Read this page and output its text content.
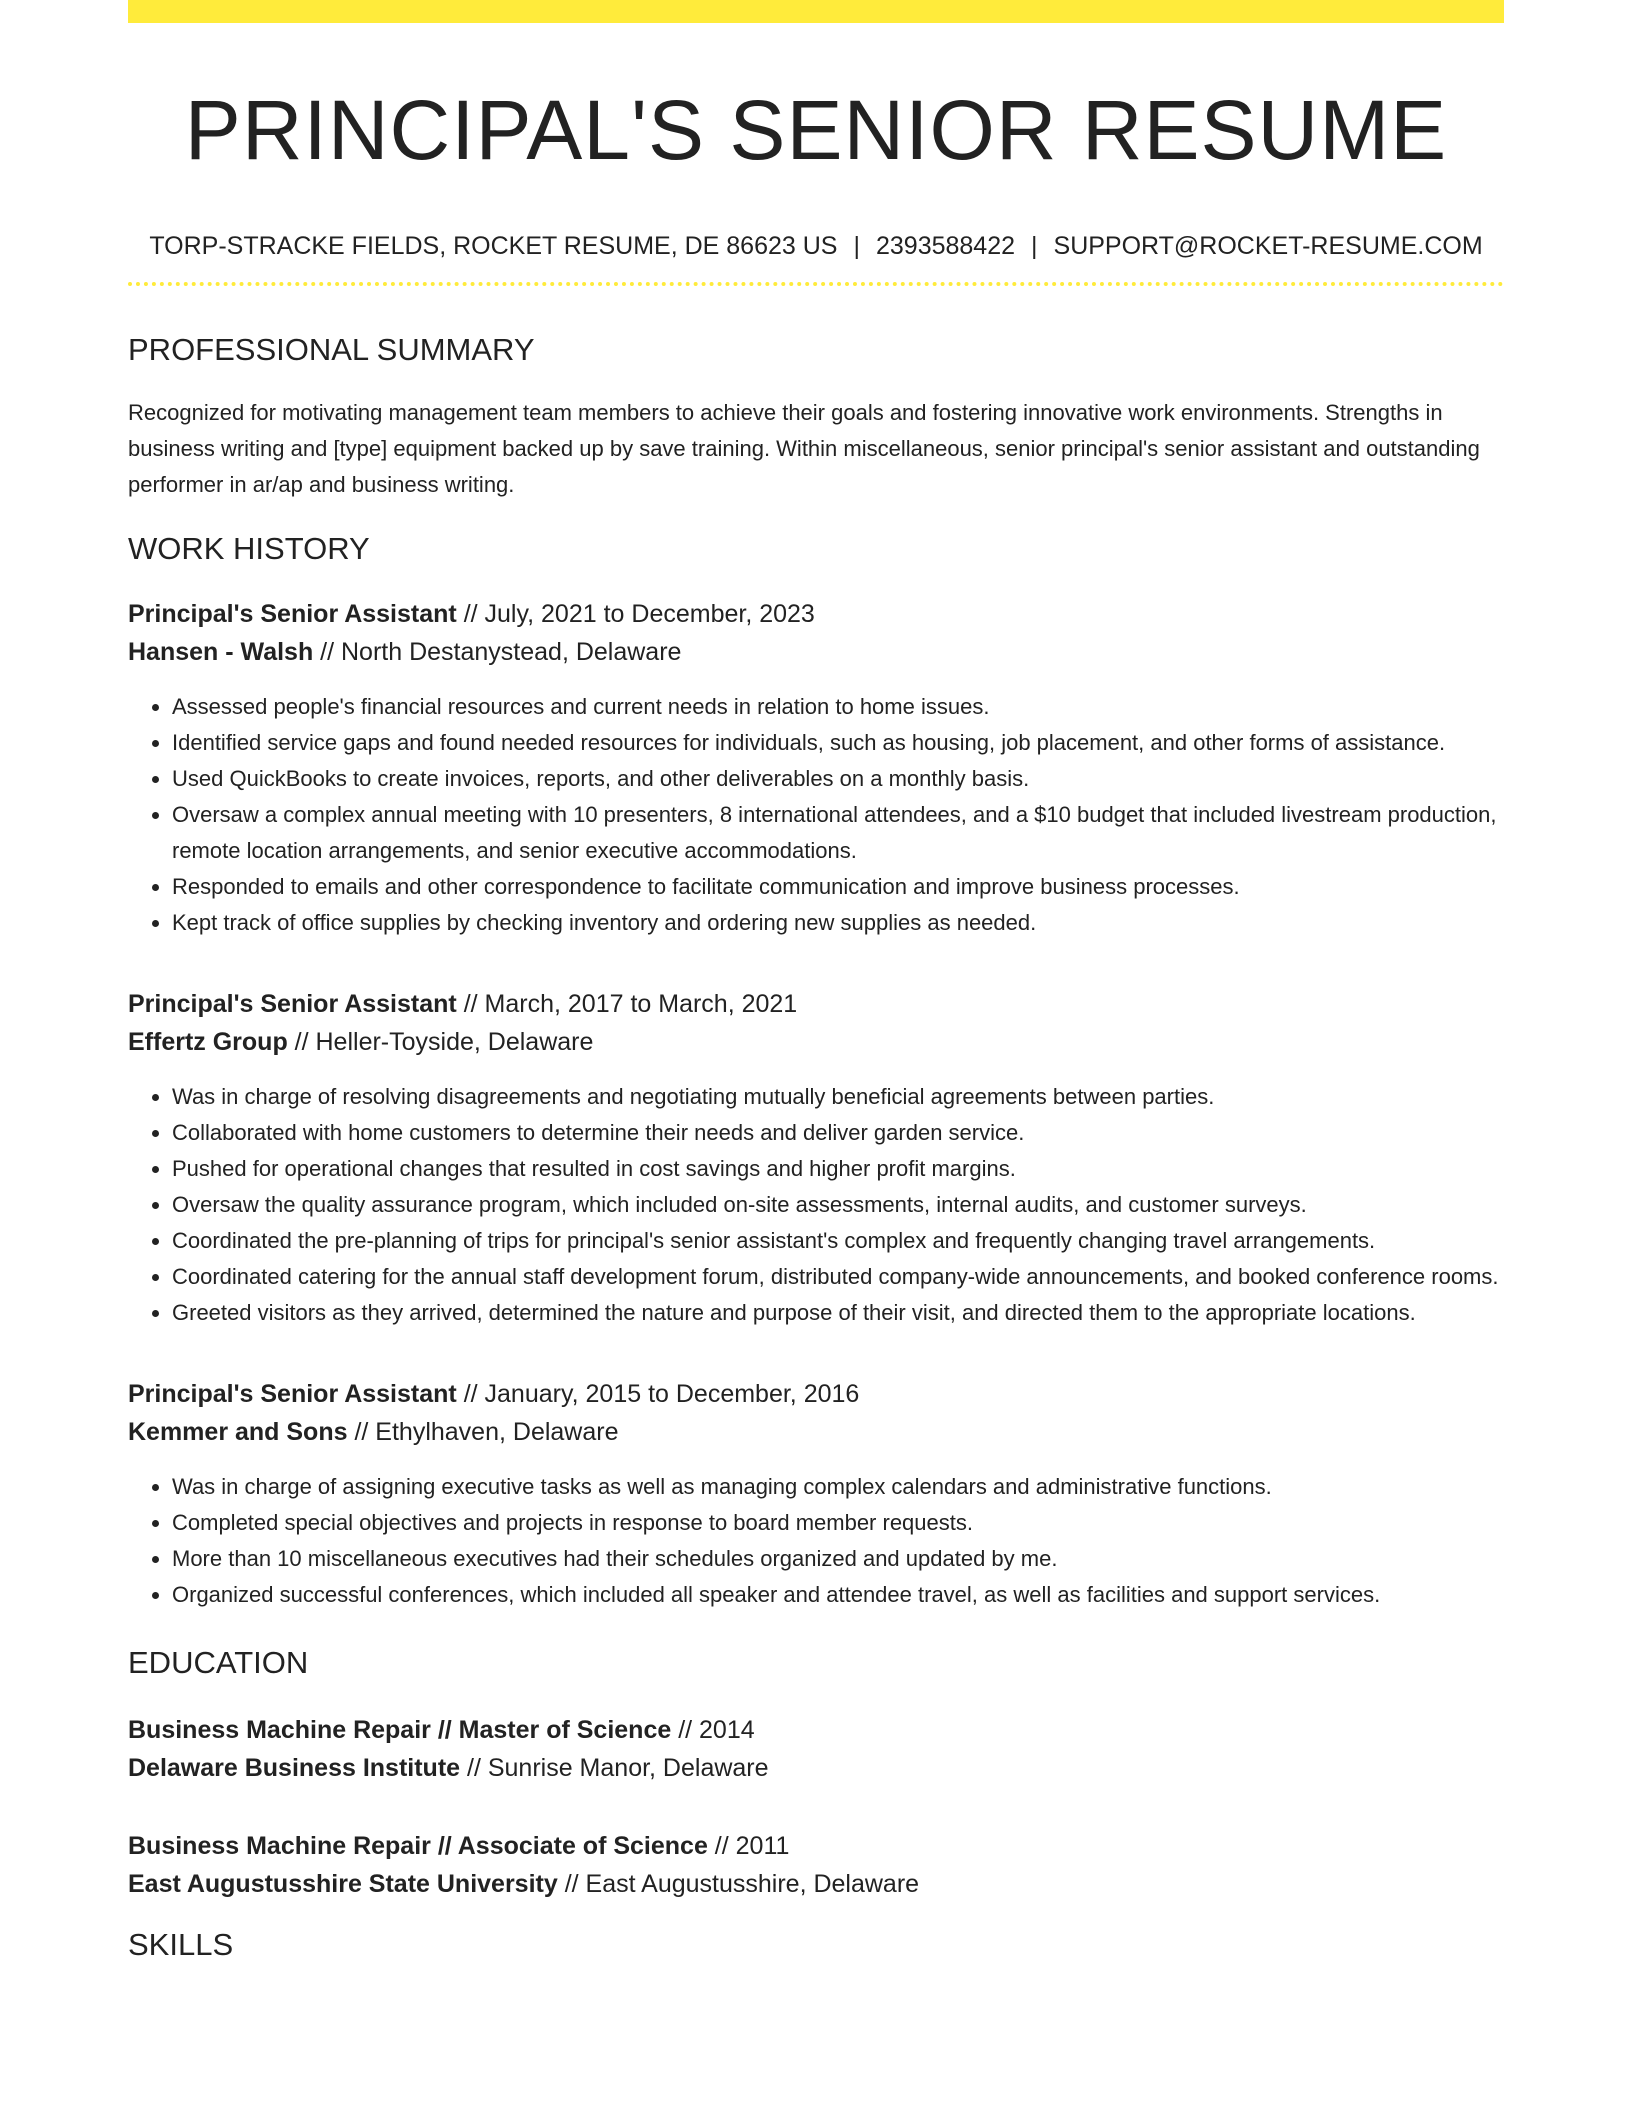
PRINCIPAL'S SENIOR RESUME
TORP-STRACKE FIELDS, ROCKET RESUME, DE 86623 US | 2393588422 | SUPPORT@ROCKET-RESUME.COM
PROFESSIONAL SUMMARY

Recognized for motivating management team members to achieve their goals and fostering innovative work environments. Strengths in business writing and [type] equipment backed up by save training. Within miscellaneous, senior principal's senior assistant and outstanding performer in ar/ap and business writing.

WORK HISTORY
Principal's Senior Assistant // July, 2021 to December, 2023
Hansen - Walsh // North Destanystead, Delaware
• Assessed people's financial resources and current needs in relation to home issues.
• Identified service gaps and found needed resources for individuals, such as housing, job placement, and other forms of assistance.
• Used QuickBooks to create invoices, reports, and other deliverables on a monthly basis.
• Oversaw a complex annual meeting with 10 presenters, 8 international attendees, and a $10 budget that included livestream production, remote location arrangements, and senior executive accommodations.
• Responded to emails and other correspondence to facilitate communication and improve business processes.
• Kept track of office supplies by checking inventory and ordering new supplies as needed.
Principal's Senior Assistant // March, 2017 to March, 2021
Effertz Group // Heller-Toyside, Delaware
• Was in charge of resolving disagreements and negotiating mutually beneficial agreements between parties.
• Collaborated with home customers to determine their needs and deliver garden service.
• Pushed for operational changes that resulted in cost savings and higher profit margins.
• Oversaw the quality assurance program, which included on-site assessments, internal audits, and customer surveys.
• Coordinated the pre-planning of trips for principal's senior assistant's complex and frequently changing travel arrangements.
• Coordinated catering for the annual staff development forum, distributed company-wide announcements, and booked conference rooms.
• Greeted visitors as they arrived, determined the nature and purpose of their visit, and directed them to the appropriate locations.
Principal's Senior Assistant // January, 2015 to December, 2016
Kemmer and Sons // Ethylhaven, Delaware
• Was in charge of assigning executive tasks as well as managing complex calendars and administrative functions.
• Completed special objectives and projects in response to board member requests.
• More than 10 miscellaneous executives had their schedules organized and updated by me.
• Organized successful conferences, which included all speaker and attendee travel, as well as facilities and support services.
EDUCATION
Business Machine Repair // Master of Science // 2014
Delaware Business Institute // Sunrise Manor, Delaware
Business Machine Repair // Associate of Science // 2011
East Augustusshire State University // East Augustusshire, Delaware
SKILLS
